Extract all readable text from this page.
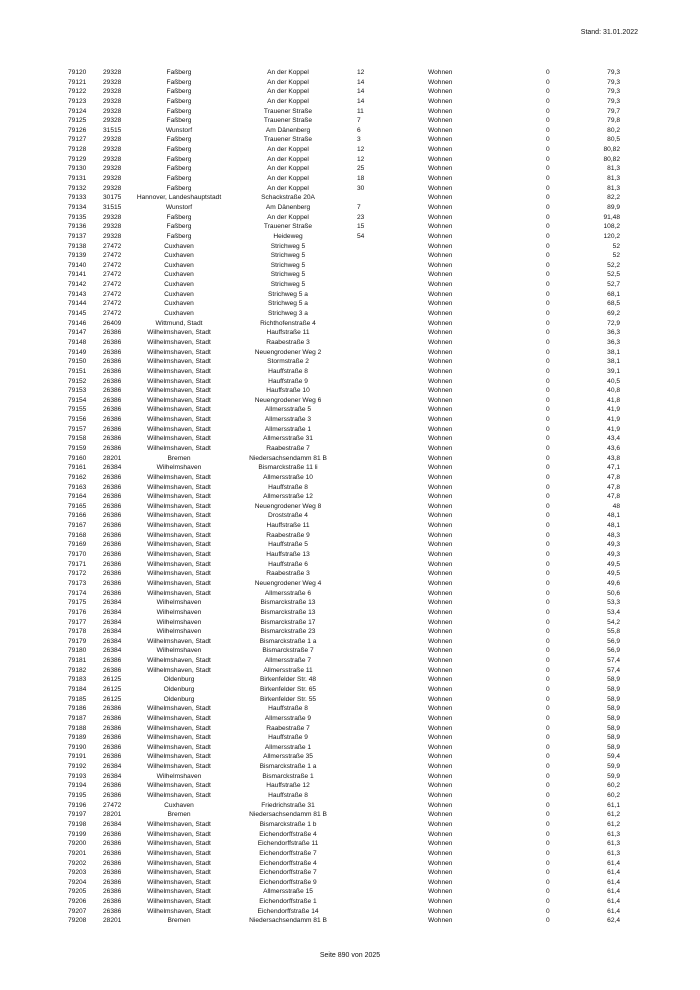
Stand: 31.01.2022
79120	29328	Faßberg	An der Koppel	12	Wohnen	0	79,3
79121	29328	Faßberg	An der Koppel	14	Wohnen	0	79,3
79122	29328	Faßberg	An der Koppel	14	Wohnen	0	79,3
79123	29328	Faßberg	An der Koppel	14	Wohnen	0	79,3
79124	29328	Faßberg	Trauener Straße	11	Wohnen	0	79,7
79125	29328	Faßberg	Trauener Straße	7	Wohnen	0	79,8
79126	31515	Wunstorf	Am Dänenberg	6	Wohnen	0	80,2
79127	29328	Faßberg	Trauener Straße	3	Wohnen	0	80,5
79128	29328	Faßberg	An der Koppel	12	Wohnen	0	80,82
79129	29328	Faßberg	An der Koppel	12	Wohnen	0	80,82
79130	29328	Faßberg	An der Koppel	25	Wohnen	0	81,3
79131	29328	Faßberg	An der Koppel	18	Wohnen	0	81,3
79132	29328	Faßberg	An der Koppel	30	Wohnen	0	81,3
79133	30175 Hannover, Landeshauptstadt	Schackstraße 20A	Wohnen	0	82,2
79134	31515	Wunstorf	Am Dänenberg	7	Wohnen	0	89,9
79135	29328	Faßberg	An der Koppel	23	Wohnen	0	91,48
79136	29328	Faßberg	Trauener Straße	15	Wohnen	0	108,2
79137	29328	Faßberg	Heideweg	54	Wohnen	0	120,2
79138	27472	Cuxhaven	Strichweg 5	Wohnen	0	52
79139	27472	Cuxhaven	Strichweg 5	Wohnen	0	52
79140	27472	Cuxhaven	Strichweg 5	Wohnen	0	52,2
79141	27472	Cuxhaven	Strichweg 5	Wohnen	0	52,5
79142	27472	Cuxhaven	Strichweg 5	Wohnen	0	52,7
79143	27472	Cuxhaven	Strichweg 5 a	Wohnen	0	68,1
79144	27472	Cuxhaven	Strichweg 5 a	Wohnen	0	68,5
79145	27472	Cuxhaven	Strichweg 3 a	Wohnen	0	69,2
79146	26409	Wittmund, Stadt	Richthofenstraße 4	Wohnen	0	72,9
79147	26386	Wilhelmshaven, Stadt	Hauffstraße 11	Wohnen	0	36,3
79148	26386	Wilhelmshaven, Stadt	Raabestraße 3	Wohnen	0	36,3
79149	26386	Wilhelmshaven, Stadt	Neuengrodener Weg 2	Wohnen	0	38,1
79150	26386	Wilhelmshaven, Stadt	Stormstraße 2	Wohnen	0	38,1
79151	26386	Wilhelmshaven, Stadt	Hauffstraße 8	Wohnen	0	39,1
79152	26386	Wilhelmshaven, Stadt	Hauffstraße 9	Wohnen	0	40,5
79153	26386	Wilhelmshaven, Stadt	Hauffstraße 10	Wohnen	0	40,8
79154	26386	Wilhelmshaven, Stadt	Neuengrodener Weg 6	Wohnen	0	41,8
79155	26386	Wilhelmshaven, Stadt	Allmersstraße 5	Wohnen	0	41,9
79156	26386	Wilhelmshaven, Stadt	Allmersstraße 3	Wohnen	0	41,9
79157	26386	Wilhelmshaven, Stadt	Allmersstraße 1	Wohnen	0	41,9
79158	26386	Wilhelmshaven, Stadt	Allmersstraße 31	Wohnen	0	43,4
79159	26386	Wilhelmshaven, Stadt	Raabestraße 7	Wohnen	0	43,6
79160	28201	Bremen	Niedersachsendamm 81 B	Wohnen	0	43,8
79161	26384	Wilhelmshaven	Bismarckstraße 11 li	Wohnen	0	47,1
79162	26386	Wilhelmshaven, Stadt	Allmersstraße 10	Wohnen	0	47,8
79163	26386	Wilhelmshaven, Stadt	Hauffstraße 8	Wohnen	0	47,8
79164	26386	Wilhelmshaven, Stadt	Allmersstraße 12	Wohnen	0	47,8
79165	26386	Wilhelmshaven, Stadt	Neuengrodener Weg 8	Wohnen	0	48
79166	26386	Wilhelmshaven, Stadt	Droststraße 4	Wohnen	0	48,1
79167	26386	Wilhelmshaven, Stadt	Hauffstraße 11	Wohnen	0	48,1
79168	26386	Wilhelmshaven, Stadt	Raabestraße 9	Wohnen	0	48,3
79169	26386	Wilhelmshaven, Stadt	Hauffstraße 5	Wohnen	0	49,3
79170	26386	Wilhelmshaven, Stadt	Hauffstraße 13	Wohnen	0	49,3
79171	26386	Wilhelmshaven, Stadt	Hauffstraße 6	Wohnen	0	49,5
79172	26386	Wilhelmshaven, Stadt	Raabestraße 3	Wohnen	0	49,5
79173	26386	Wilhelmshaven, Stadt	Neuengrodener Weg 4	Wohnen	0	49,6
79174	26386	Wilhelmshaven, Stadt	Allmersstraße 6	Wohnen	0	50,6
79175	26384	Wilhelmshaven	Bismarckstraße 13	Wohnen	0	53,3
79176	26384	Wilhelmshaven	Bismarckstraße 13	Wohnen	0	53,4
79177	26384	Wilhelmshaven	Bismarckstraße 17	Wohnen	0	54,2
79178	26384	Wilhelmshaven	Bismarckstraße 23	Wohnen	0	55,8
79179	26384	Wilhelmshaven, Stadt	Bismarckstraße 1 a	Wohnen	0	56,9
79180	26384	Wilhelmshaven	Bismarckstraße 7	Wohnen	0	56,9
79181	26386	Wilhelmshaven, Stadt	Allmersstraße 7	Wohnen	0	57,4
79182	26386	Wilhelmshaven, Stadt	Allmersstraße 11	Wohnen	0	57,4
79183	26125	Oldenburg	Birkenfelder Str. 48	Wohnen	0	58,9
79184	26125	Oldenburg	Birkenfelder Str. 65	Wohnen	0	58,9
79185	26125	Oldenburg	Birkenfelder Str. 55	Wohnen	0	58,9
79186	26386	Wilhelmshaven, Stadt	Hauffstraße 8	Wohnen	0	58,9
79187	26386	Wilhelmshaven, Stadt	Allmersstraße 9	Wohnen	0	58,9
79188	26386	Wilhelmshaven, Stadt	Raabestraße 7	Wohnen	0	58,9
79189	26386	Wilhelmshaven, Stadt	Hauffstraße 9	Wohnen	0	58,9
79190	26386	Wilhelmshaven, Stadt	Allmersstraße 1	Wohnen	0	58,9
79191	26386	Wilhelmshaven, Stadt	Allmersstraße 35	Wohnen	0	59,4
79192	26384	Wilhelmshaven, Stadt	Bismarckstraße 1 a	Wohnen	0	59,9
79193	26384	Wilhelmshaven	Bismarckstraße 1	Wohnen	0	59,9
79194	26386	Wilhelmshaven, Stadt	Hauffstraße 12	Wohnen	0	60,2
79195	26386	Wilhelmshaven, Stadt	Hauffstraße 8	Wohnen	0	60,2
79196	27472	Cuxhaven	Friedrichstraße 31	Wohnen	0	61,1
79197	28201	Bremen	Niedersachsendamm 81 B	Wohnen	0	61,2
79198	26384	Wilhelmshaven, Stadt	Bismarckstraße 1 b	Wohnen	0	61,2
79199	26386	Wilhelmshaven, Stadt	Eichendorffstraße 4	Wohnen	0	61,3
79200	26386	Wilhelmshaven, Stadt	Eichendorffstraße 11	Wohnen	0	61,3
79201	26386	Wilhelmshaven, Stadt	Eichendorffstraße 7	Wohnen	0	61,3
79202	26386	Wilhelmshaven, Stadt	Eichendorffstraße 4	Wohnen	0	61,4
79203	26386	Wilhelmshaven, Stadt	Eichendorffstraße 7	Wohnen	0	61,4
79204	26386	Wilhelmshaven, Stadt	Eichendorffstraße 9	Wohnen	0	61,4
79205	26386	Wilhelmshaven, Stadt	Allmersstraße 15	Wohnen	0	61,4
79206	26386	Wilhelmshaven, Stadt	Eichendorffstraße 1	Wohnen	0	61,4
79207	26386	Wilhelmshaven, Stadt	Eichendorffstraße 14	Wohnen	0	61,4
79208	28201	Bremen	Niedersachsendamm 81 B	Wohnen	0	62,4
Seite 890 von 2025
